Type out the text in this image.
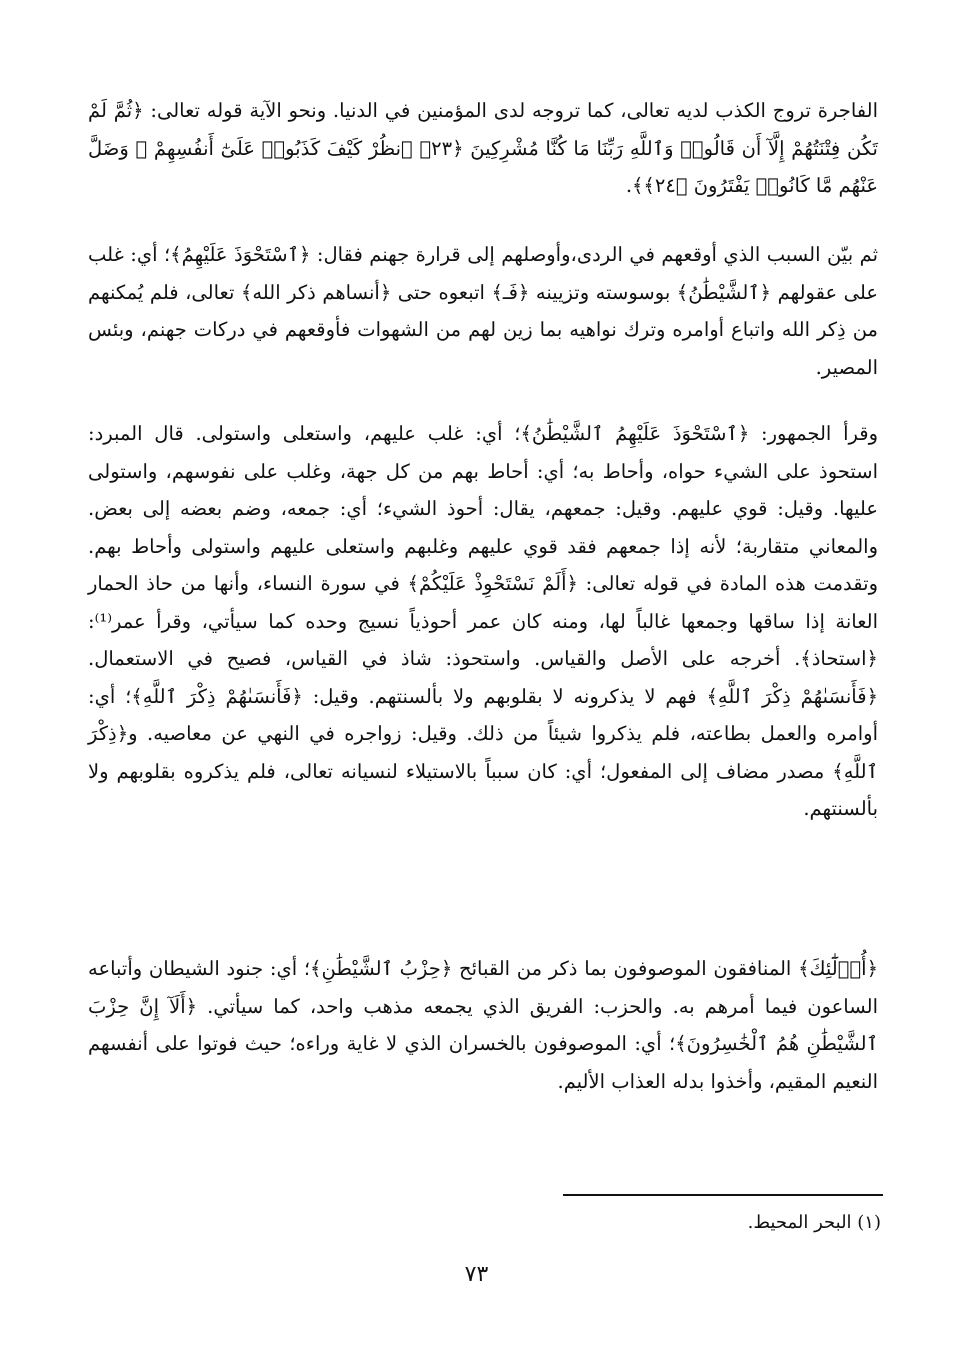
الفاجرة تروج الكذب لديه تعالى، كما تروجه لدى المؤمنين في الدنيا. ونحو الآية قوله تعالى: ﴿ثُمَّ لَمْ تَكُن فِتْنَتُهُمْ إِلَّآ أَن قَالُوا۟ وَٱللَّهِ رَبِّنَا مَا كُنَّا مُشْرِكِينَ ﴿٢٣﴾ ٱنظُرْ كَيْفَ كَذَبُوا۟ عَلَىٰٓ أَنفُسِهِمْ ۚ وَضَلَّ عَنْهُم مَّا كَانُوا۟ يَفْتَرُونَ ﴿٢٤﴾﴾.

ثم بيّن السبب الذي أوقعهم في الردى،وأوصلهم إلى قرارة جهنم فقال: ﴿ٱسْتَحْوَذَ عَلَيْهِمُ﴾؛ أي: غلب على عقولهم ﴿ٱلشَّيْطَٰنُ﴾ بوسوسته وتزيينه ﴿فَـ﴾ اتبعوه حتى ﴿أنساهم ذكر الله﴾ تعالى، فلم يُمكنهم من ذِكر الله واتباع أوامره وترك نواهيه بما زين لهم من الشهوات فأوقعهم في دركات جهنم، وبئس المصير.

وقرأ الجمهور: ﴿ٱسْتَحْوَذَ عَلَيْهِمُ ٱلشَّيْطَٰنُ﴾؛ أي: غلب عليهم، واستعلى واستولى. قال المبرد: استحوذ على الشيء حواه، وأحاط به؛ أي: أحاط بهم من كل جهة، وغلب على نفوسهم، واستولى عليها. وقيل: قوي عليهم. وقيل: جمعهم، يقال: أحوذ الشيء؛ أي: جمعه، وضم بعضه إلى بعض. والمعاني متقاربة؛ لأنه إذا جمعهم فقد قوي عليهم وغلبهم واستعلى عليهم واستولى وأحاط بهم. وتقدمت هذه المادة في قوله تعالى: ﴿أَلَمْ نَسْتَحْوِذْ عَلَيْكُمْ﴾ في سورة النساء، وأنها من حاذ الحمار العانة إذا ساقها وجمعها غالباً لها، ومنه كان عمر أحوذياً نسيج وحده كما سيأتي، وقرأ عمر⁽¹⁾: ﴿استحاذ﴾. أخرجه على الأصل والقياس. واستحوذ: شاذ في القياس، فصيح في الاستعمال. ﴿فَأَنسَىٰهُمْ ذِكْرَ ٱللَّهِ﴾ فهم لا يذكرونه لا بقلوبهم ولا بألسنتهم. وقيل: ﴿فَأَنسَىٰهُمْ ذِكْرَ ٱللَّهِ﴾؛ أي: أوامره والعمل بطاعته، فلم يذكروا شيئاً من ذلك. وقيل: زواجره في النهي عن معاصيه. و﴿ذِكْرَ ٱللَّهِ﴾ مصدر مضاف إلى المفعول؛ أي: كان سبباً بالاستيلاء لنسيانه تعالى، فلم يذكروه بقلوبهم ولا بألسنتهم.

﴿أُو۟لَٰٓئِكَ﴾ المنافقون الموصوفون بما ذكر من القبائح ﴿حِزْبُ ٱلشَّيْطَٰنِ﴾؛ أي: جنود الشيطان وأتباعه الساعون فيما أمرهم به. والحزب: الفريق الذي يجمعه مذهب واحد، كما سيأتي. ﴿أَلَآ إِنَّ حِزْبَ ٱلشَّيْطَٰنِ هُمُ ٱلْخَٰسِرُونَ﴾؛ أي: الموصوفون بالخسران الذي لا غاية وراءه؛ حيث فوتوا على أنفسهم النعيم المقيم، وأخذوا بدله العذاب الأليم.

(١) البحر المحيط.

٧٣
